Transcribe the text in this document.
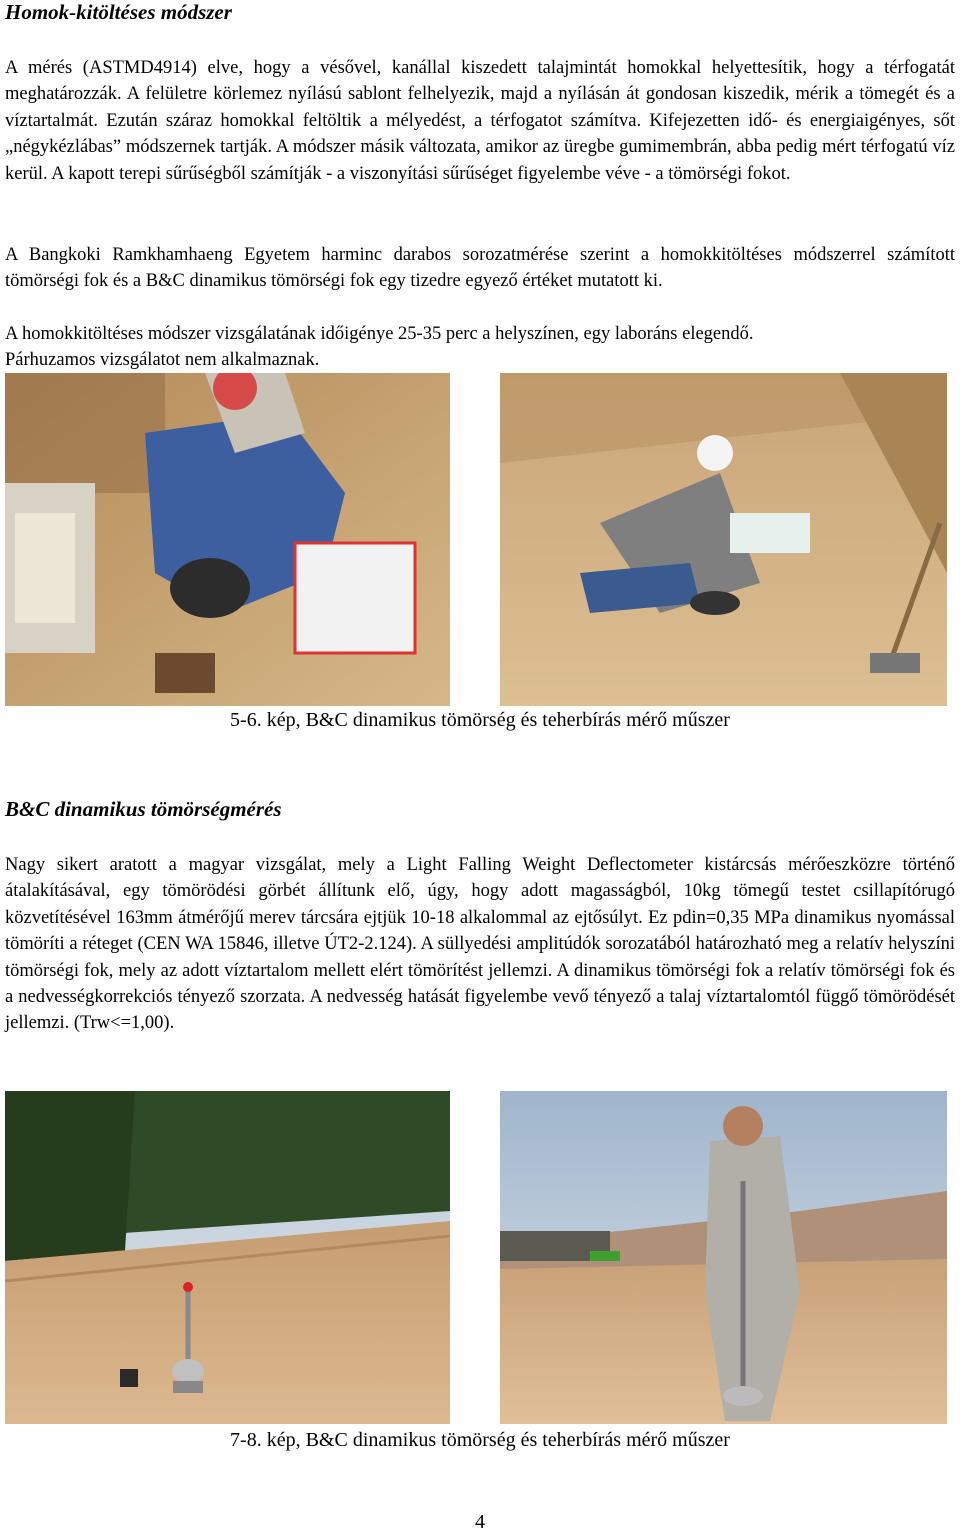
Homok-kitöltéses módszer

A mérés (ASTMD4914) elve, hogy a vésővel, kanállal kiszedett talajmintát homokkal helyettesítik, hogy a térfogatát meghatározzák. A felületre körlemez nyílású sablont felhelyezik, majd a nyílásán át gondosan kiszedik, mérik a tömegét és a víztartalmát. Ezután száraz homokkal feltöltik a mélyedést, a térfogatot számítva. Kifejezetten idő- és energiaigényes, sőt „négykézlábas” módszernek tartják. A módszer másik változata, amikor az üregbe gumimembrán, abba pedig mért térfogatú víz kerül. A kapott terepi sűrűségből számítják - a viszonyítási sűrűséget figyelembe véve - a tömörségi fokot.

A Bangkoki Ramkhamhaeng Egyetem harminc darabos sorozatmérése szerint a homokkitöltéses módszerrel számított tömörségi fok és a B&C dinamikus tömörségi fok egy tizedre egyező értéket mutatott ki.

A homokkitöltéses módszer vizsgálatának időigénye 25-35 perc a helyszínen, egy laboráns elegendő.
Párhuzamos vizsgálatot nem alkalmaznak.

5-6. kép, B&C dinamikus tömörség és teherbírás mérő műszer
B&C dinamikus tömörségmérés

Nagy sikert aratott a magyar vizsgálat, mely a Light Falling Weight Deflectometer kistárcsás mérőeszközre történő átalakításával, egy tömörödési görbét állítunk elő, úgy, hogy adott magasságból, 10kg tömegű testet csillapítórugó közvetítésével 163mm átmérőjű merev tárcsára ejtjük 10-18 alkalommal az ejtősúlyt. Ez pdin=0,35 MPa dinamikus nyomással tömöríti a réteget (CEN WA 15846, illetve ÚT2-2.124). A süllyedési amplitúdók sorozatából határozható meg a relatív helyszíni tömörségi fok, mely az adott víztartalom mellett elért tömörítést jellemzi. A dinamikus tömörségi fok a relatív tömörségi fok és a nedvességkorrekciós tényező szorzata. A nedvesség hatását figyelembe vevő tényező a talaj víztartalomtól függő tömörödését jellemzi. (Trw<=1,00).

7-8. kép, B&C dinamikus tömörség és teherbírás mérő műszer
4
